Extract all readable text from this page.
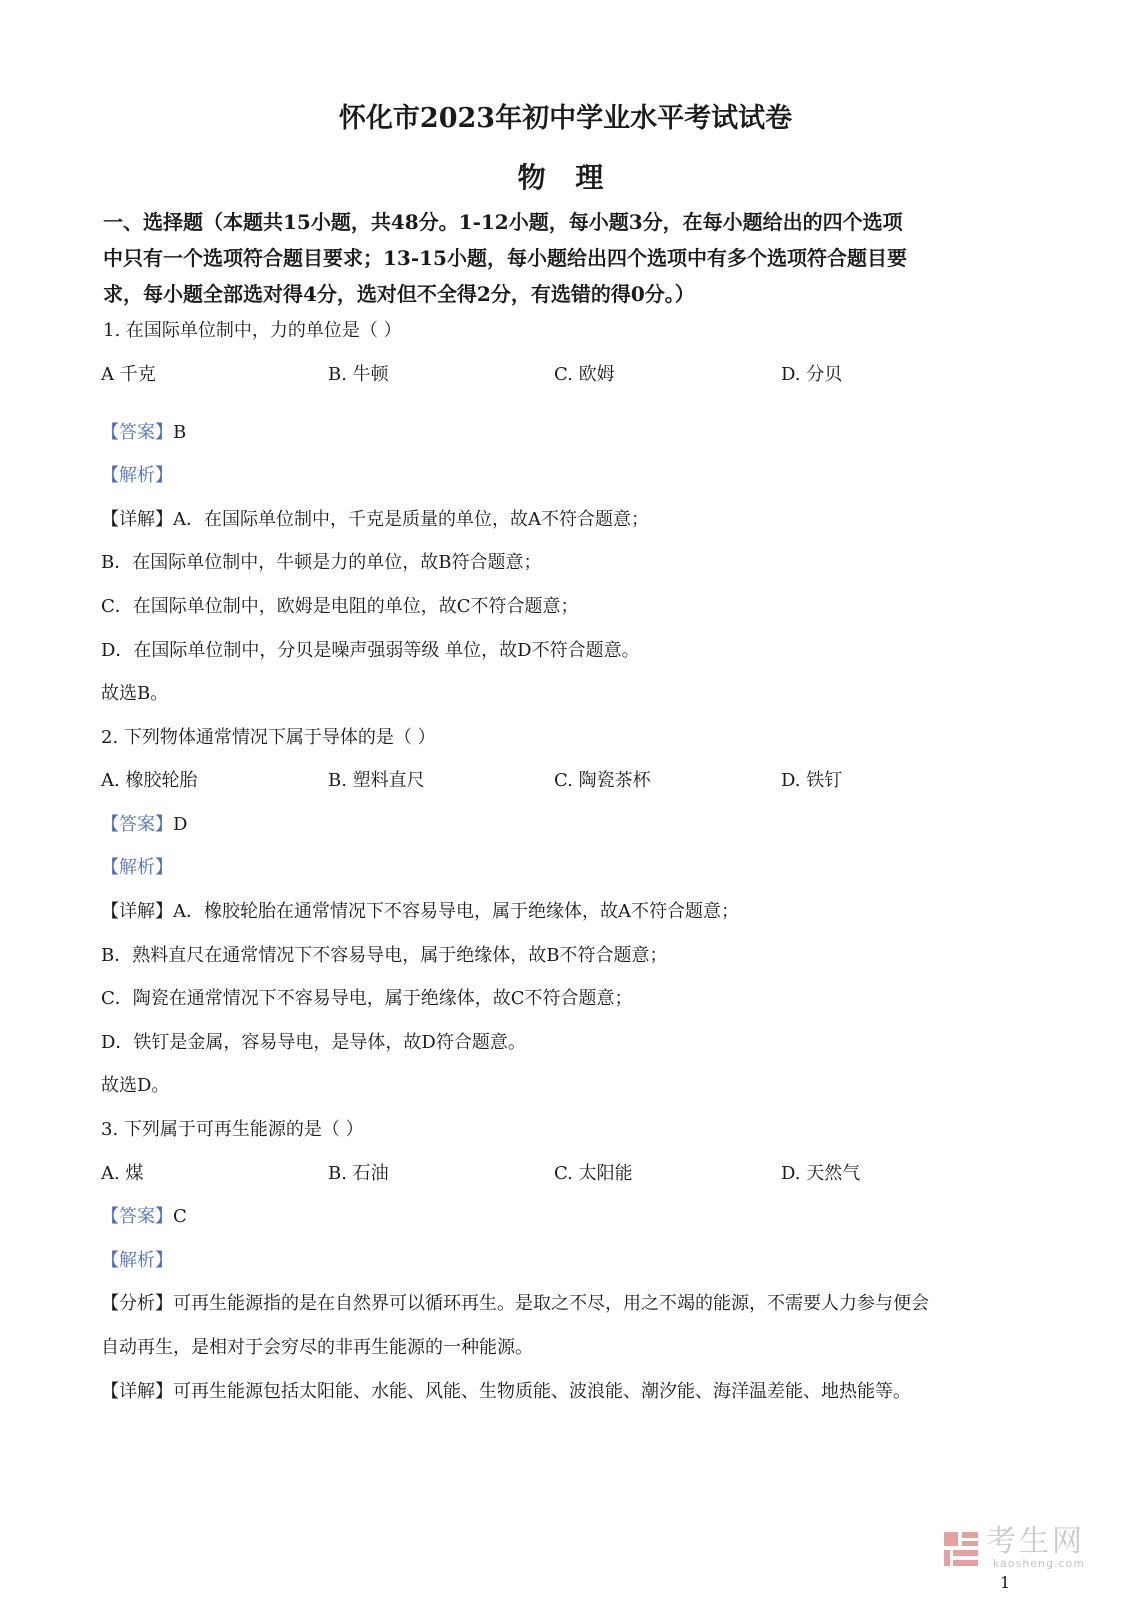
怀化市2023年初中学业水平考试试卷
物 理
一、选择题（本题共15小题，共48分。1-12小题，每小题3分，在每小题给出的四个选项
中只有一个选项符合题目要求；13-15小题，每小题给出四个选项中有多个选项符合题目要
求，每小题全部选对得4分，选对但不全得2分，有选错的得0分。）
1. 在国际单位制中，力的单位是（ ）
A 千克	B. 牛顿	C. 欧姆	D. 分贝
【答案】B
【解析】
【详解】A．在国际单位制中，千克是质量的单位，故A不符合题意；
B．在国际单位制中，牛顿是力的单位，故B符合题意；
C．在国际单位制中，欧姆是电阻的单位，故C不符合题意；
D．在国际单位制中，分贝是噪声强弱等级 单位，故D不符合题意。
故选B。
2. 下列物体通常情况下属于导体的是（ ）
A. 橡胶轮胎	B. 塑料直尺	C. 陶瓷茶杯	D. 铁钉
【答案】D
【解析】
【详解】A．橡胶轮胎在通常情况下不容易导电，属于绝缘体，故A不符合题意；
B．熟料直尺在通常情况下不容易导电，属于绝缘体，故B不符合题意；
C．陶瓷在通常情况下不容易导电，属于绝缘体，故C不符合题意；
D．铁钉是金属，容易导电，是导体，故D符合题意。
故选D。
3. 下列属于可再生能源的是（ ）
A. 煤	B. 石油	C. 太阳能	D. 天然气
【答案】C
【解析】
【分析】可再生能源指的是在自然界可以循环再生。是取之不尽，用之不竭的能源，不需要人力参与便会
自动再生，是相对于会穷尽的非再生能源的一种能源。
【详解】可再生能源包括太阳能、水能、风能、生物质能、波浪能、潮汐能、海洋温差能、地热能等。
考生网
kaosheng.com
1
